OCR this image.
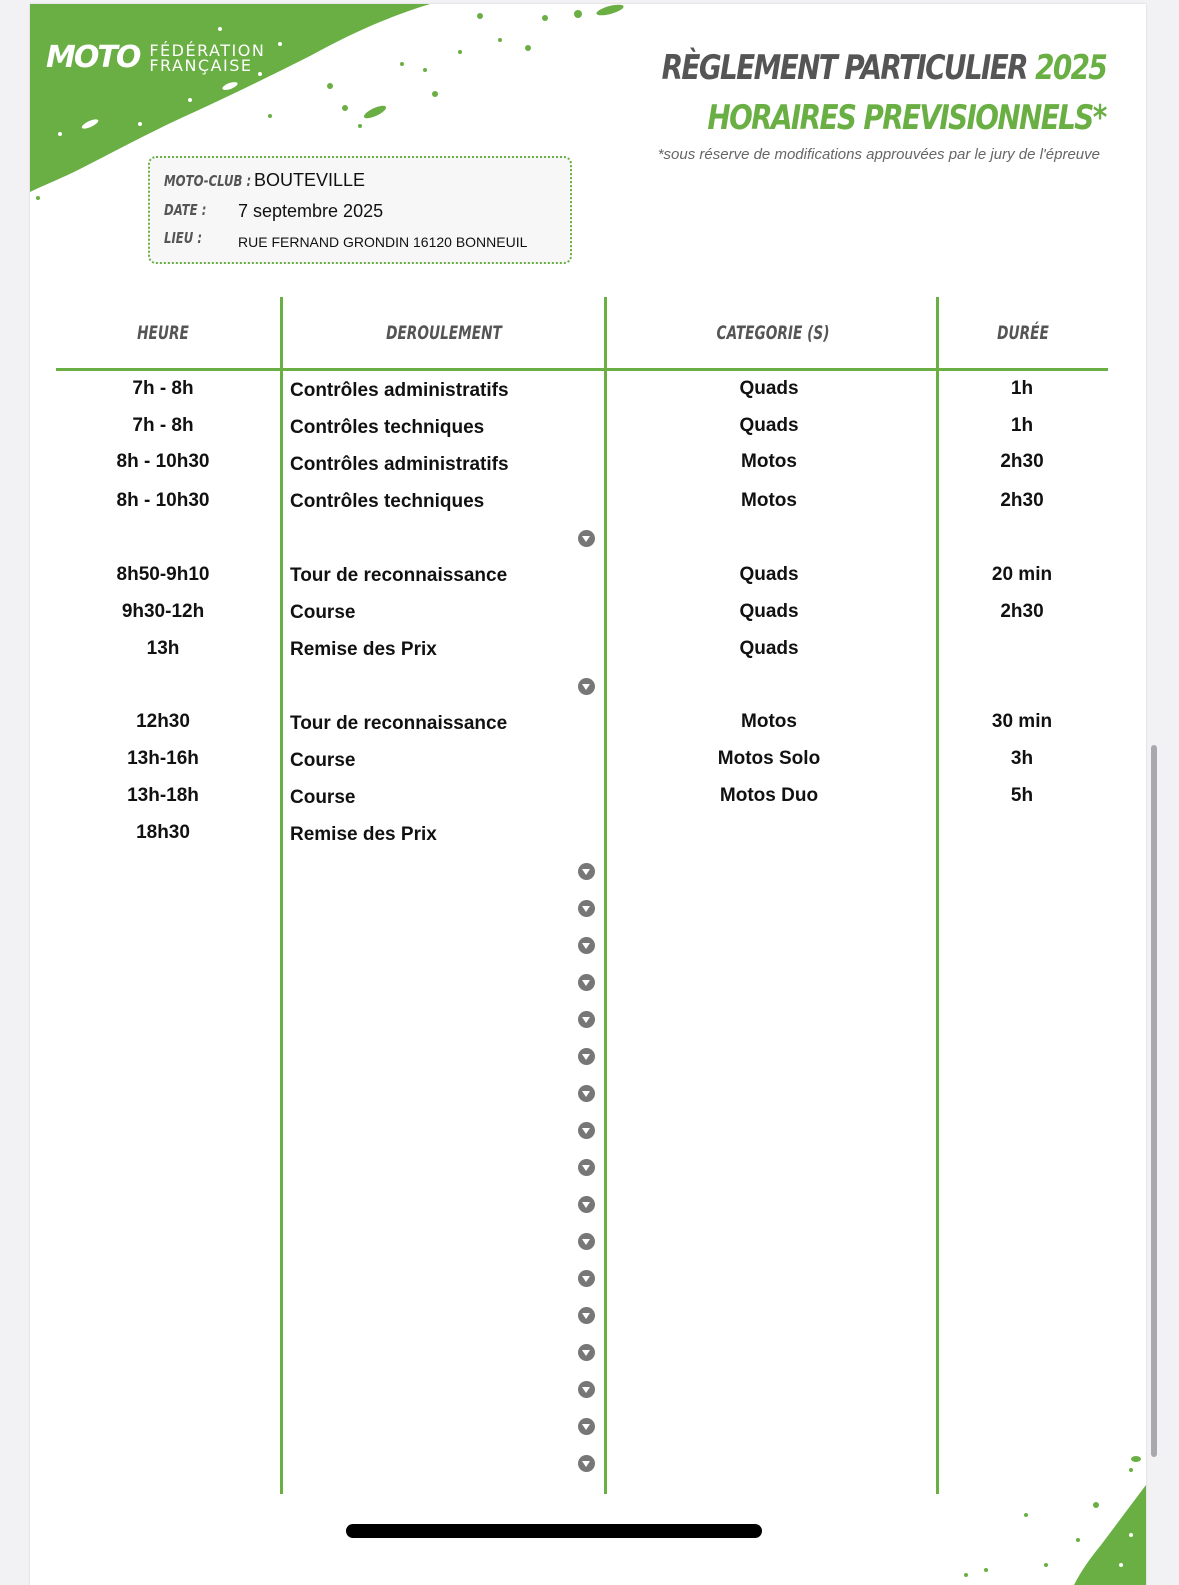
MOTO FÉDÉRATION
FRANÇAISE	RÈGLEMENT PARTICULIER 2025
HORAIRES PREVISIONNELS*
*sous réserve de modifications approuvées par le jury de l'épreuve
MOTO-CLUB : BOUTEVILLE
DATE : 7 septembre 2025
LIEU :	RUE FERNAND GRONDIN 16120 BONNEUIL
HEURE	DEROULEMENT	CATEGORIE (S)	DURÉE
7h - 8h	Contrôles administratifs	Quads	1h
7h - 8h	Contrôles techniques	Quads	1h
8h - 10h30	Contrôles administratifs	Motos	2h30
8h - 10h30	Contrôles techniques	Motos	2h30
8h50-9h10	Tour de reconnaissance	Quads	20 min
9h30-12h	Course	Quads	2h30
13h	Remise des Prix	Quads
12h30	Tour de reconnaissance	Motos	30 min
13h-16h	Course	Motos Solo	3h
13h-18h	Course	Motos Duo	5h
18h30	Remise des Prix
